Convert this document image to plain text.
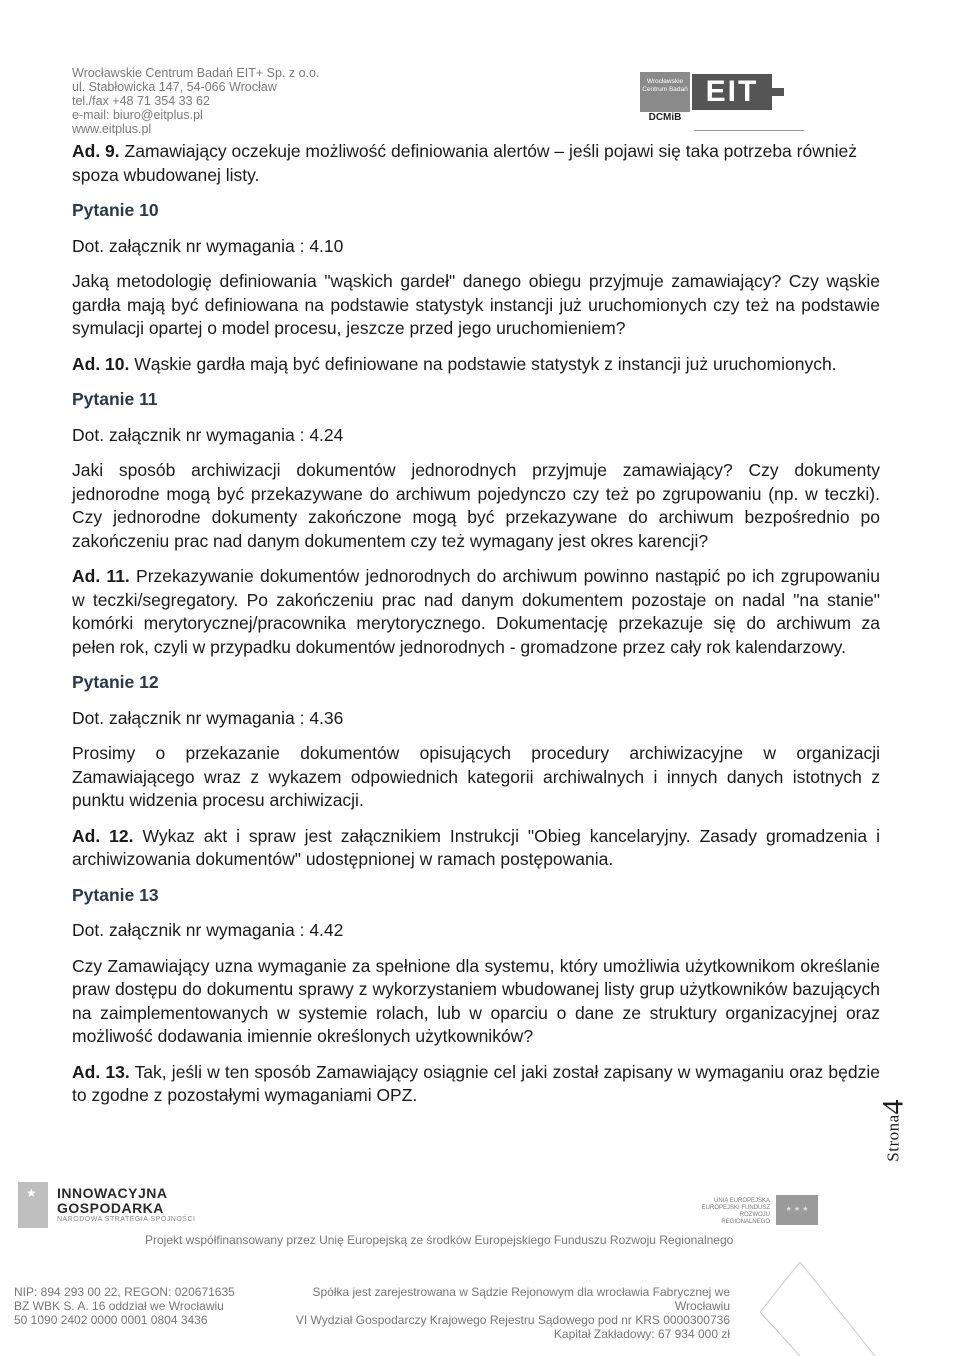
Wrocławskie Centrum Badań EIT+ Sp. z o.o.
ul. Stabłowicka 147, 54-066 Wrocław
tel./fax +48 71 354 33 62
e-mail: biuro@eitplus.pl
www.eitplus.pl
Wrocławskie Centrum Badań EIT
DCMiB

Ad. 9. Zamawiający oczekuje możliwość definiowania alertów – jeśli pojawi się taka potrzeba również spoza wbudowanej listy.

Pytanie 10

Dot. załącznik nr wymagania : 4.10

Jaką metodologię definiowania "wąskich gardeł" danego obiegu przyjmuje zamawiający? Czy wąskie gardła mają być definiowana na podstawie statystyk instancji już uruchomionych czy też na podstawie symulacji opartej o model procesu, jeszcze przed jego uruchomieniem?

Ad. 10. Wąskie gardła mają być definiowane na podstawie statystyk z instancji już uruchomionych.

Pytanie 11

Dot. załącznik nr wymagania : 4.24

Jaki sposób archiwizacji dokumentów jednorodnych przyjmuje zamawiający? Czy dokumenty jednorodne mogą być przekazywane do archiwum pojedynczo czy też po zgrupowaniu (np. w teczki). Czy jednorodne dokumenty zakończone mogą być przekazywane do archiwum bezpośrednio po zakończeniu prac nad danym dokumentem czy też wymagany jest okres karencji?

Ad. 11. Przekazywanie dokumentów jednorodnych do archiwum powinno nastąpić po ich zgrupowaniu w teczki/segregatory. Po zakończeniu prac nad danym dokumentem pozostaje on nadal "na stanie" komórki merytorycznej/pracownika merytorycznego. Dokumentację przekazuje się do archiwum za pełen rok, czyli w przypadku dokumentów jednorodnych - gromadzone przez cały rok kalendarzowy.

Pytanie 12

Dot. załącznik nr wymagania : 4.36

Prosimy o przekazanie dokumentów opisujących procedury archiwizacyjne w organizacji Zamawiającego wraz z wykazem odpowiednich kategorii archiwalnych i innych danych istotnych z punktu widzenia procesu archiwizacji.

Ad. 12. Wykaz akt i spraw jest załącznikiem Instrukcji "Obieg kancelaryjny. Zasady gromadzenia i archiwizowania dokumentów" udostępnionej w ramach postępowania.

Pytanie 13

Dot. załącznik nr wymagania : 4.42

Czy Zamawiający uzna wymaganie za spełnione dla systemu, który umożliwia użytkownikom określanie praw dostępu do dokumentu sprawy z wykorzystaniem wbudowanej listy grup użytkowników bazujących na zaimplementowanych w systemie rolach, lub w oparciu o dane ze struktury organizacyjnej oraz możliwość dodawania imiennie określonych użytkowników?

Ad. 13. Tak, jeśli w ten sposób Zamawiający osiągnie cel jaki został zapisany w wymaganiu oraz będzie to zgodne z pozostałymi wymaganiami OPZ.

4
Strona
★
INNOWACYJNA GOSPODARKA
NARODOWA STRATEGIA SPÓJNOŚCI
UNIA EUROPEJSKA EUROPEJSKI FUNDUSZ ROZWOJU REGIONALNEGO
★ ★ ★
Projekt współfinansowany przez Unię Europejską ze środków Europejskiego Funduszu Rozwoju Regionalnego
NIP: 894 293 00 22, REGON: 020671635
BZ WBK S. A. 16 oddział we Wrocławiu
50 1090 2402 0000 0001 0804 3436
Spółka jest zarejestrowana w Sądzie Rejonowym dla wrocławia Fabrycznej we Wrocławiu
VI Wydział Gospodarczy Krajowego Rejestru Sądowego pod nr KRS 0000300736
Kapitał Zakładowy: 67 934 000 zł
